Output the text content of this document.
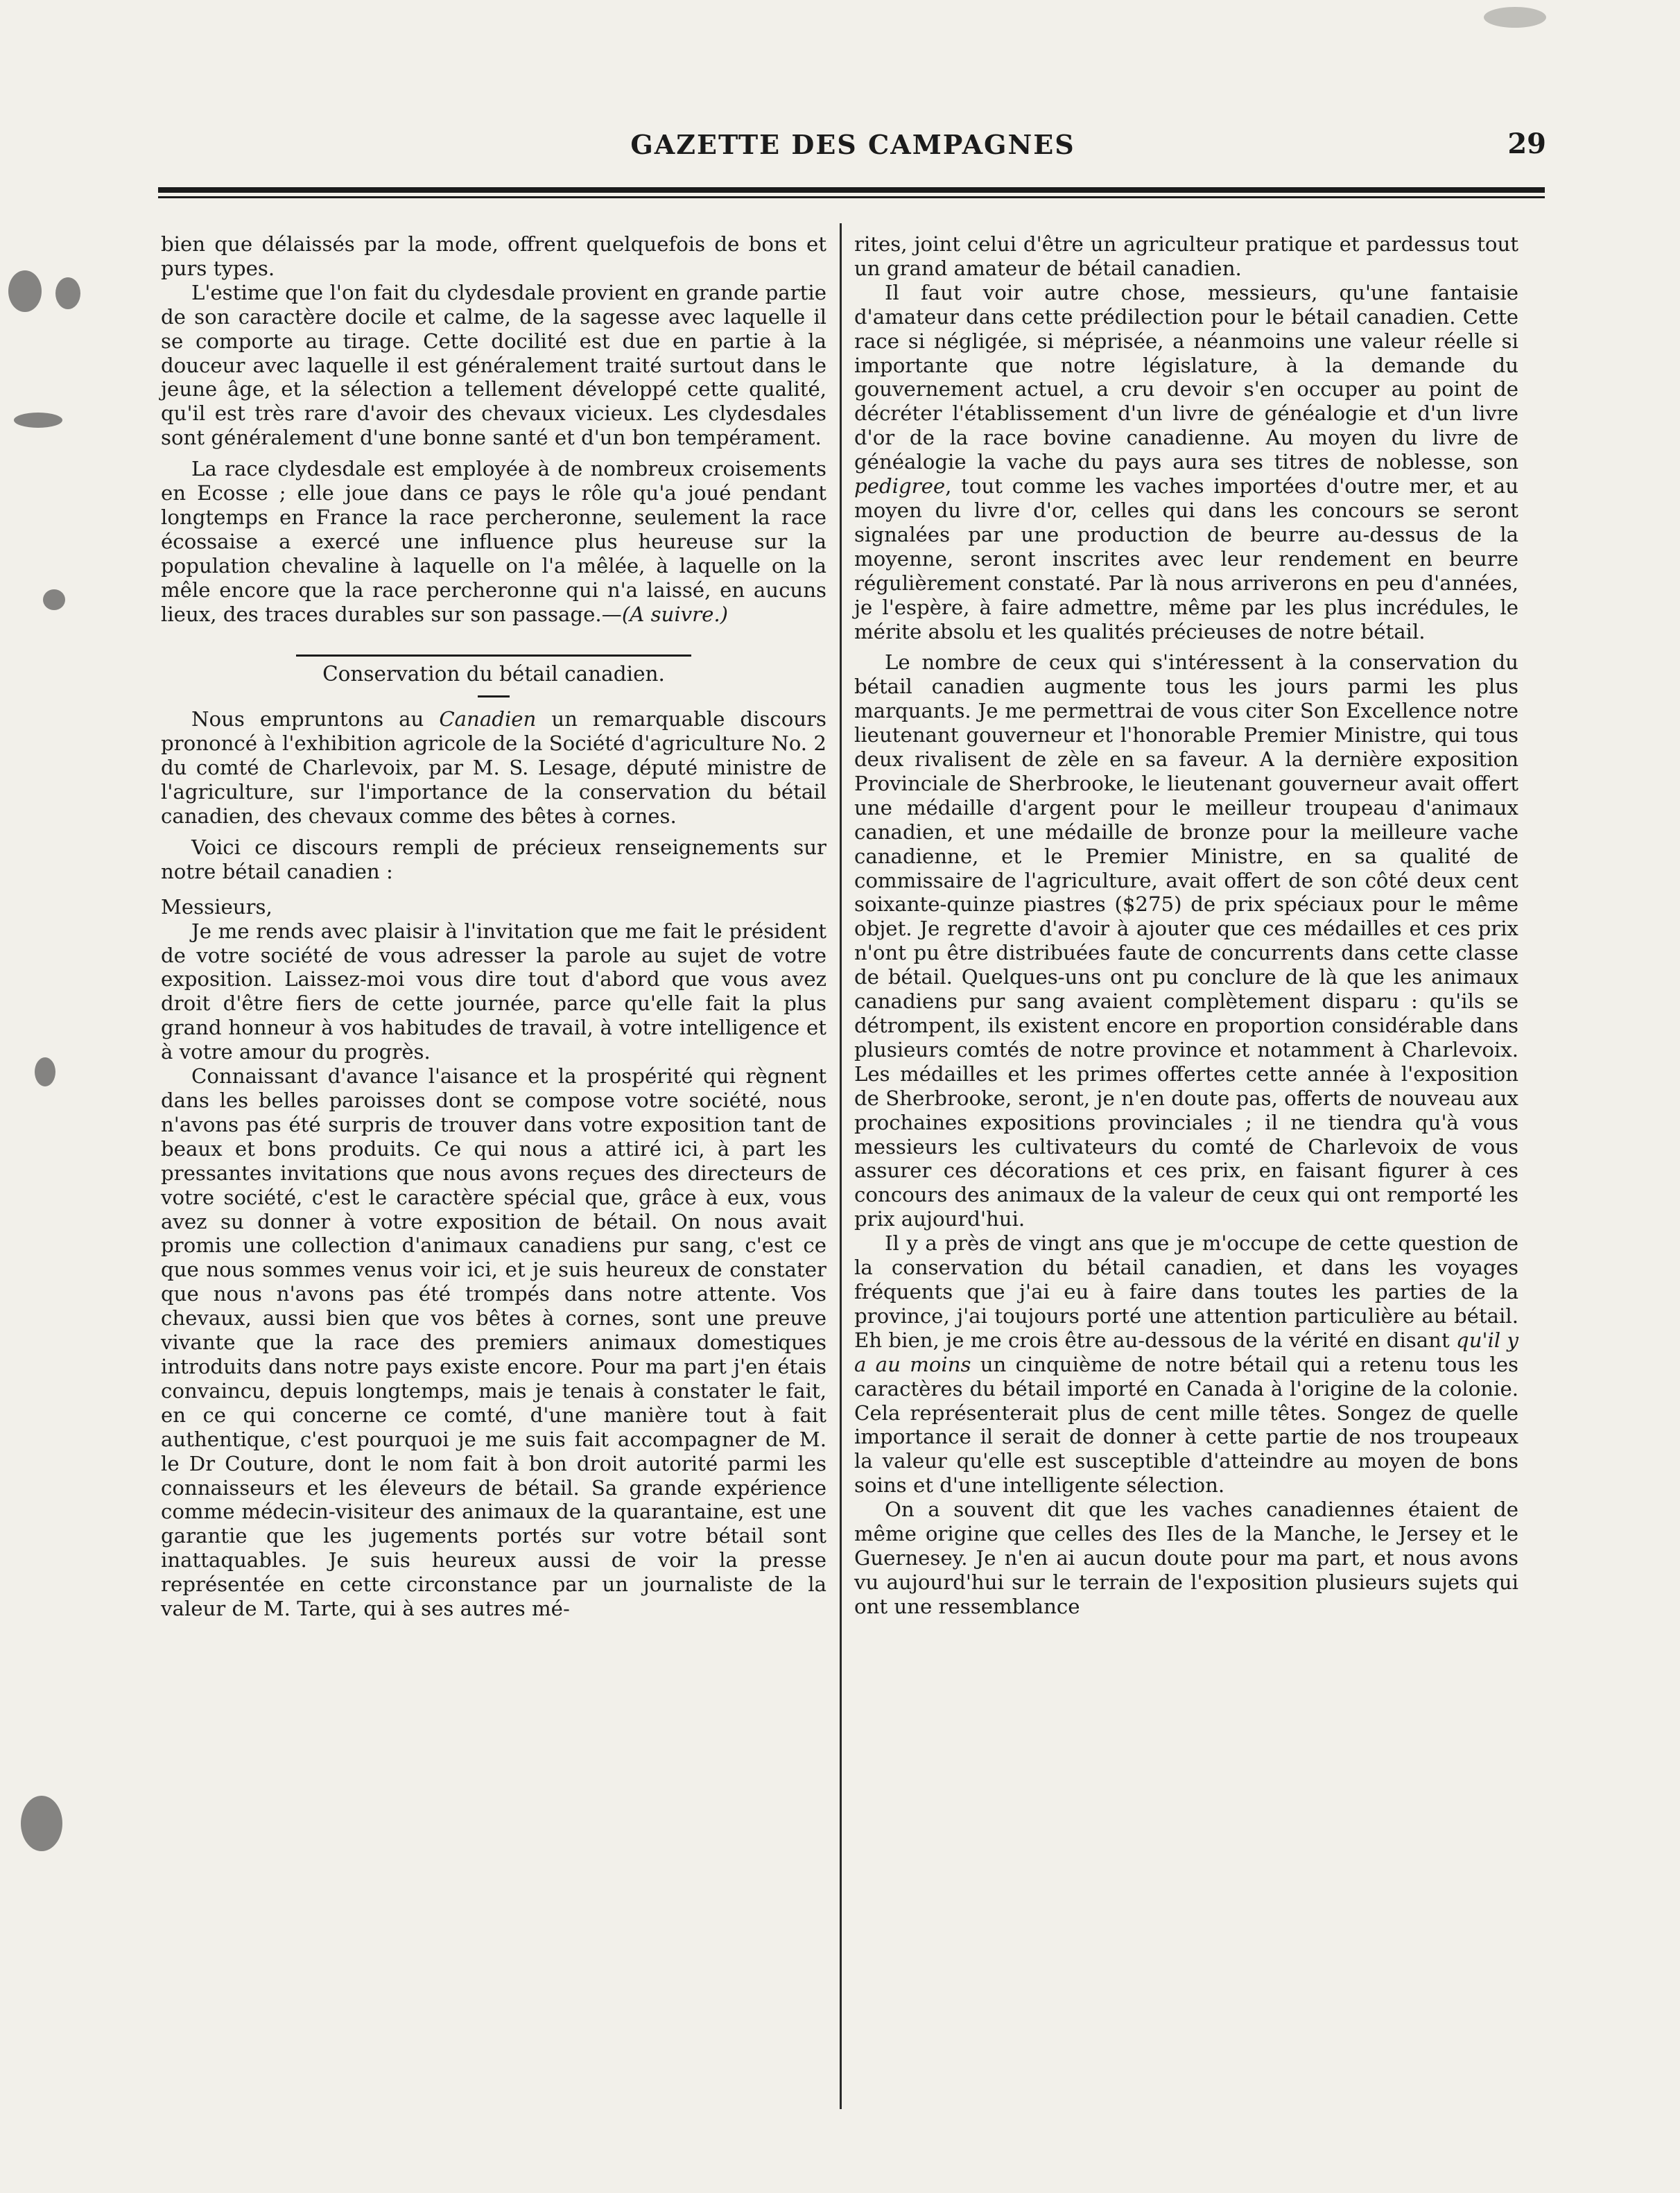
GAZETTE DES CAMPAGNES	29

bien que délaissés par la mode, offrent quelquefois de bons et purs types.

L'estime que l'on fait du clydesdale provient en grande partie de son caractère docile et calme, de la sagesse avec laquelle il se comporte au tirage. Cette docilité est due en partie à la douceur avec laquelle il est généralement traité surtout dans le jeune âge, et la sélection a tellement développé cette qualité, qu'il est très rare d'avoir des chevaux vicieux. Les clydesdales sont généralement d'une bonne santé et d'un bon tempérament.

La race clydesdale est employée à de nombreux croisements en Ecosse ; elle joue dans ce pays le rôle qu'a joué pendant longtemps en France la race percheronne, seulement la race écossaise a exercé une influence plus heureuse sur la population chevaline à laquelle on l'a mêlée, à laquelle on la mêle encore que la race percheronne qui n'a laissé, en aucuns lieux, des traces durables sur son passage.—(A suivre.)

Conservation du bétail canadien.

Nous empruntons au Canadien un remarquable discours prononcé à l'exhibition agricole de la Société d'agriculture No. 2 du comté de Charlevoix, par M. S. Lesage, député ministre de l'agriculture, sur l'importance de la conservation du bétail canadien, des chevaux comme des bêtes à cornes.

Voici ce discours rempli de précieux renseignements sur notre bétail canadien :

Messieurs,

Je me rends avec plaisir à l'invitation que me fait le président de votre société de vous adresser la parole au sujet de votre exposition. Laissez-moi vous dire tout d'abord que vous avez droit d'être fiers de cette journée, parce qu'elle fait la plus grand honneur à vos habitudes de travail, à votre intelligence et à votre amour du progrès.

Connaissant d'avance l'aisance et la prospérité qui règnent dans les belles paroisses dont se compose votre société, nous n'avons pas été surpris de trouver dans votre exposition tant de beaux et bons produits. Ce qui nous a attiré ici, à part les pressantes invitations que nous avons reçues des directeurs de votre société, c'est le caractère spécial que, grâce à eux, vous avez su donner à votre exposition de bétail. On nous avait promis une collection d'animaux canadiens pur sang, c'est ce que nous sommes venus voir ici, et je suis heureux de constater que nous n'avons pas été trompés dans notre attente. Vos chevaux, aussi bien que vos bêtes à cornes, sont une preuve vivante que la race des premiers animaux domestiques introduits dans notre pays existe encore. Pour ma part j'en étais convaincu, depuis longtemps, mais je tenais à constater le fait, en ce qui concerne ce comté, d'une manière tout à fait authentique, c'est pourquoi je me suis fait accompagner de M. le Dr Couture, dont le nom fait à bon droit autorité parmi les connaisseurs et les éleveurs de bétail. Sa grande expérience comme médecin-visiteur des animaux de la quarantaine, est une garantie que les jugements portés sur votre bétail sont inattaquables. Je suis heureux aussi de voir la presse représentée en cette circonstance par un journaliste de la valeur de M. Tarte, qui à ses autres mé-

rites, joint celui d'être un agriculteur pratique et pardessus tout un grand amateur de bétail canadien.

Il faut voir autre chose, messieurs, qu'une fantaisie d'amateur dans cette prédilection pour le bétail canadien. Cette race si négligée, si méprisée, a néanmoins une valeur réelle si importante que notre législature, à la demande du gouvernement actuel, a cru devoir s'en occuper au point de décréter l'établissement d'un livre de généalogie et d'un livre d'or de la race bovine canadienne. Au moyen du livre de généalogie la vache du pays aura ses titres de noblesse, son pedigree, tout comme les vaches importées d'outre mer, et au moyen du livre d'or, celles qui dans les concours se seront signalées par une production de beurre au-dessus de la moyenne, seront inscrites avec leur rendement en beurre régulièrement constaté. Par là nous arriverons en peu d'années, je l'espère, à faire admettre, même par les plus incrédules, le mérite absolu et les qualités précieuses de notre bétail.

Le nombre de ceux qui s'intéressent à la conservation du bétail canadien augmente tous les jours parmi les plus marquants. Je me permettrai de vous citer Son Excellence notre lieutenant gouverneur et l'honorable Premier Ministre, qui tous deux rivalisent de zèle en sa faveur. A la dernière exposition Provinciale de Sherbrooke, le lieutenant gouverneur avait offert une médaille d'argent pour le meilleur troupeau d'animaux canadien, et une médaille de bronze pour la meilleure vache canadienne, et le Premier Ministre, en sa qualité de commissaire de l'agriculture, avait offert de son côté deux cent soixante-quinze piastres ($275) de prix spéciaux pour le même objet. Je regrette d'avoir à ajouter que ces médailles et ces prix n'ont pu être distribuées faute de concurrents dans cette classe de bétail. Quelques-uns ont pu conclure de là que les animaux canadiens pur sang avaient complètement disparu : qu'ils se détrompent, ils existent encore en proportion considérable dans plusieurs comtés de notre province et notamment à Charlevoix. Les médailles et les primes offertes cette année à l'exposition de Sherbrooke, seront, je n'en doute pas, offerts de nouveau aux prochaines expositions provinciales ; il ne tiendra qu'à vous messieurs les cultivateurs du comté de Charlevoix de vous assurer ces décorations et ces prix, en faisant figurer à ces concours des animaux de la valeur de ceux qui ont remporté les prix aujourd'hui.

Il y a près de vingt ans que je m'occupe de cette question de la conservation du bétail canadien, et dans les voyages fréquents que j'ai eu à faire dans toutes les parties de la province, j'ai toujours porté une attention particulière au bétail. Eh bien, je me crois être au-dessous de la vérité en disant qu'il y a au moins un cinquième de notre bétail qui a retenu tous les caractères du bétail importé en Canada à l'origine de la colonie. Cela représenterait plus de cent mille têtes. Songez de quelle importance il serait de donner à cette partie de nos troupeaux la valeur qu'elle est susceptible d'atteindre au moyen de bons soins et d'une intelligente sélection.

On a souvent dit que les vaches canadiennes étaient de même origine que celles des Iles de la Manche, le Jersey et le Guernesey. Je n'en ai aucun doute pour ma part, et nous avons vu aujourd'hui sur le terrain de l'exposition plusieurs sujets qui ont une ressemblance
